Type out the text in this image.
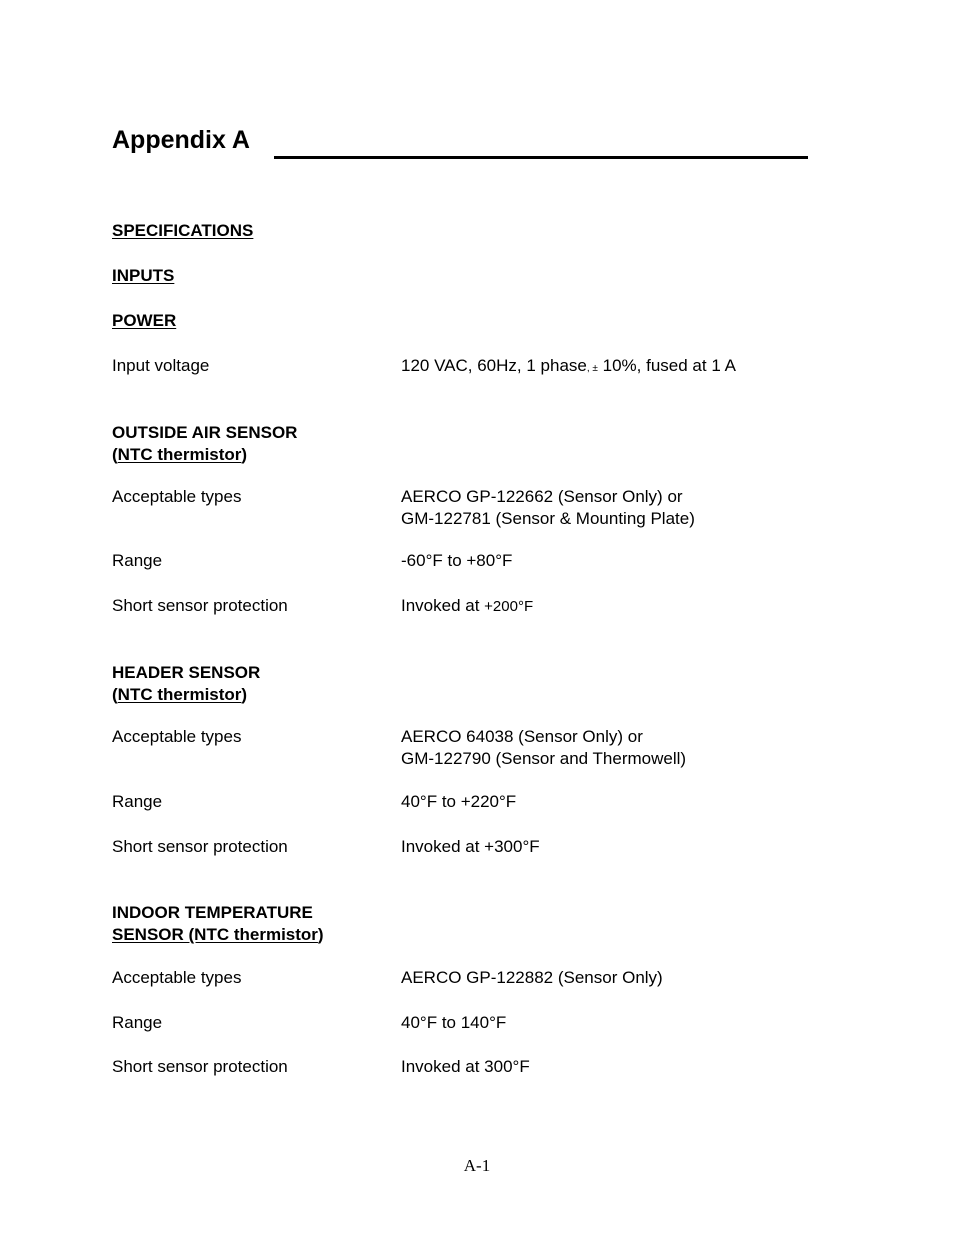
Appendix A
SPECIFICATIONS
INPUTS
POWER
Input voltage	120 VAC, 60Hz, 1 phase, ± 10%, fused at 1 A
OUTSIDE AIR SENSOR
(NTC thermistor)
Acceptable types	AERCO GP-122662 (Sensor Only) or
GM-122781 (Sensor & Mounting Plate)
Range	-60°F to +80°F
Short sensor protection	Invoked at +200°F
HEADER SENSOR
(NTC thermistor)
Acceptable types	AERCO 64038 (Sensor Only) or
GM-122790 (Sensor and Thermowell)
Range	40°F to +220°F
Short sensor protection	Invoked at +300°F
INDOOR TEMPERATURE
SENSOR (NTC thermistor)
Acceptable types	AERCO GP-122882 (Sensor Only)
Range	40°F to 140°F
Short sensor protection	Invoked at 300°F
A-1
